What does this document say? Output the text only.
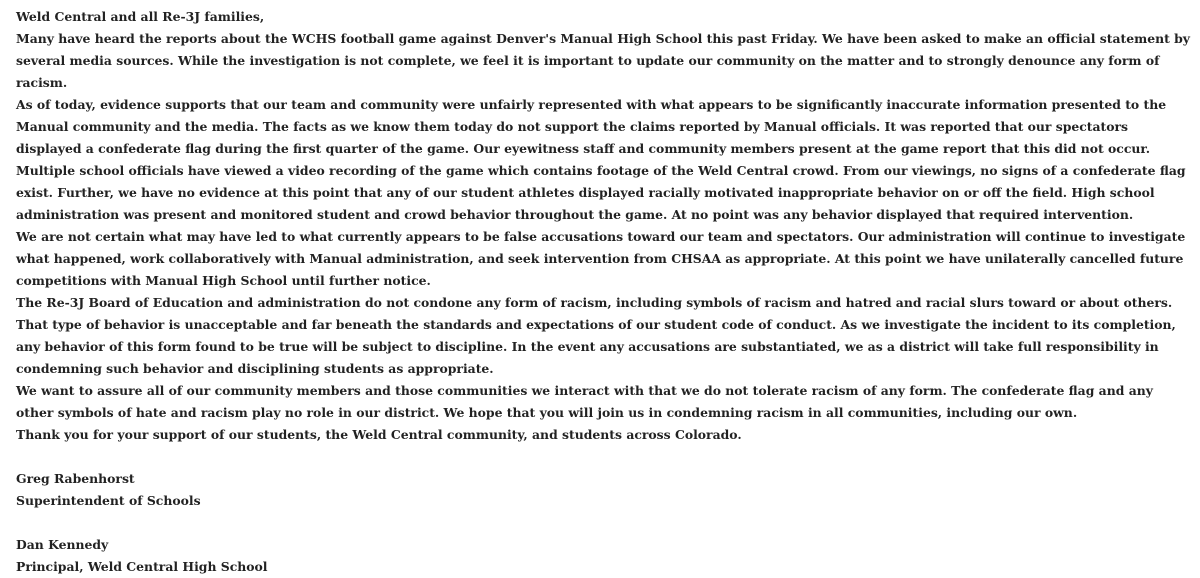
Weld Central and all Re-3J families,

Many have heard the reports about the WCHS football game against Denver's Manual High School this past Friday. We have been asked to make an official statement by several media sources. While the investigation is not complete, we feel it is important to update our community on the matter and to strongly denounce any form of racism.

As of today, evidence supports that our team and community were unfairly represented with what appears to be significantly inaccurate information presented to the Manual community and the media. The facts as we know them today do not support the claims reported by Manual officials. It was reported that our spectators displayed a confederate flag during the first quarter of the game. Our eyewitness staff and community members present at the game report that this did not occur. Multiple school officials have viewed a video recording of the game which contains footage of the Weld Central crowd. From our viewings, no signs of a confederate flag exist. Further, we have no evidence at this point that any of our student athletes displayed racially motivated inappropriate behavior on or off the field. High school administration was present and monitored student and crowd behavior throughout the game. At no point was any behavior displayed that required intervention.

We are not certain what may have led to what currently appears to be false accusations toward our team and spectators. Our administration will continue to investigate what happened, work collaboratively with Manual administration, and seek intervention from CHSAA as appropriate. At this point we have unilaterally cancelled future competitions with Manual High School until further notice.

The Re-3J Board of Education and administration do not condone any form of racism, including symbols of racism and hatred and racial slurs toward or about others. That type of behavior is unacceptable and far beneath the standards and expectations of our student code of conduct. As we investigate the incident to its completion, any behavior of this form found to be true will be subject to discipline. In the event any accusations are substantiated, we as a district will take full responsibility in condemning such behavior and disciplining students as appropriate.

We want to assure all of our community members and those communities we interact with that we do not tolerate racism of any form. The confederate flag and any other symbols of hate and racism play no role in our district. We hope that you will join us in condemning racism in all communities, including our own.

Thank you for your support of our students, the Weld Central community, and students across Colorado.

Greg Rabenhorst

Superintendent of Schools

Dan Kennedy

Principal, Weld Central High School
